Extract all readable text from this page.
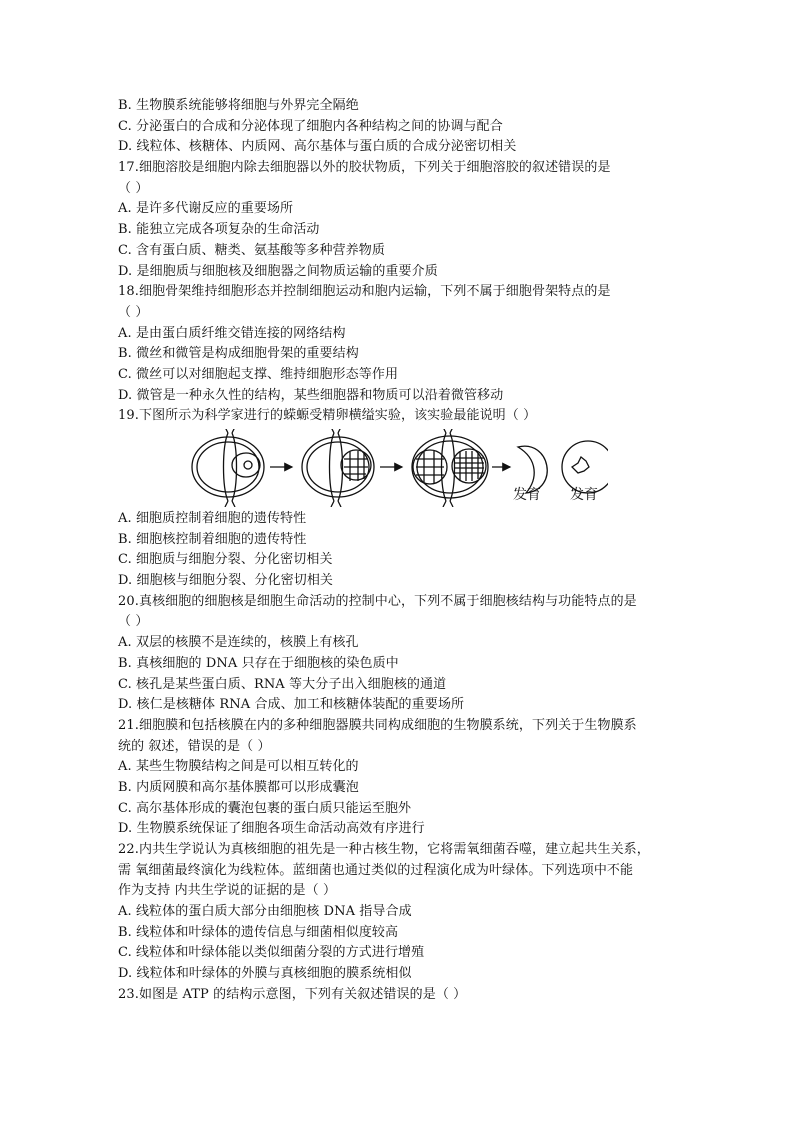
B. 生物膜系统能够将细胞与外界完全隔绝
C. 分泌蛋白的合成和分泌体现了细胞内各种结构之间的协调与配合
D. 线粒体、核糖体、内质网、高尔基体与蛋白质的合成分泌密切相关
17.细胞溶胶是细胞内除去细胞器以外的胶状物质，下列关于细胞溶胶的叙述错误的是
（ ）
A. 是许多代谢反应的重要场所
B. 能独立完成各项复杂的生命活动
C. 含有蛋白质、糖类、氨基酸等多种营养物质
D. 是细胞质与细胞核及细胞器之间物质运输的重要介质
18.细胞骨架维持细胞形态并控制细胞运动和胞内运输，下列不属于细胞骨架特点的是
（ ）
A. 是由蛋白质纤维交错连接的网络结构
B. 微丝和微管是构成细胞骨架的重要结构
C. 微丝可以对细胞起支撑、维持细胞形态等作用
D. 微管是一种永久性的结构，某些细胞器和物质可以沿着微管移动
19.下图所示为科学家进行的蝾螈受精卵横缢实验，该实验最能说明（ ）
发育 发育
A. 细胞质控制着细胞的遗传特性
B. 细胞核控制着细胞的遗传特性
C. 细胞质与细胞分裂、分化密切相关
D. 细胞核与细胞分裂、分化密切相关
20.真核细胞的细胞核是细胞生命活动的控制中心，下列不属于细胞核结构与功能特点的是
（ ）
A. 双层的核膜不是连续的，核膜上有核孔
B. 真核细胞的 DNA 只存在于细胞核的染色质中
C. 核孔是某些蛋白质、RNA 等大分子出入细胞核的通道
D. 核仁是核糖体 RNA 合成、加工和核糖体装配的重要场所
21.细胞膜和包括核膜在内的多种细胞器膜共同构成细胞的生物膜系统，下列关于生物膜系
统的 叙述，错误的是（ ）
A. 某些生物膜结构之间是可以相互转化的
B. 内质网膜和高尔基体膜都可以形成囊泡
C. 高尔基体形成的囊泡包裹的蛋白质只能运至胞外
D. 生物膜系统保证了细胞各项生命活动高效有序进行
22.内共生学说认为真核细胞的祖先是一种古核生物，它将需氧细菌吞噬，建立起共生关系，
需 氧细菌最终演化为线粒体。蓝细菌也通过类似的过程演化成为叶绿体。下列选项中不能
作为支持 内共生学说的证据的是（ ）
A. 线粒体的蛋白质大部分由细胞核 DNA 指导合成
B. 线粒体和叶绿体的遗传信息与细菌相似度较高
C. 线粒体和叶绿体能以类似细菌分裂的方式进行增殖
D. 线粒体和叶绿体的外膜与真核细胞的膜系统相似
23.如图是 ATP 的结构示意图，下列有关叙述错误的是（ ）
